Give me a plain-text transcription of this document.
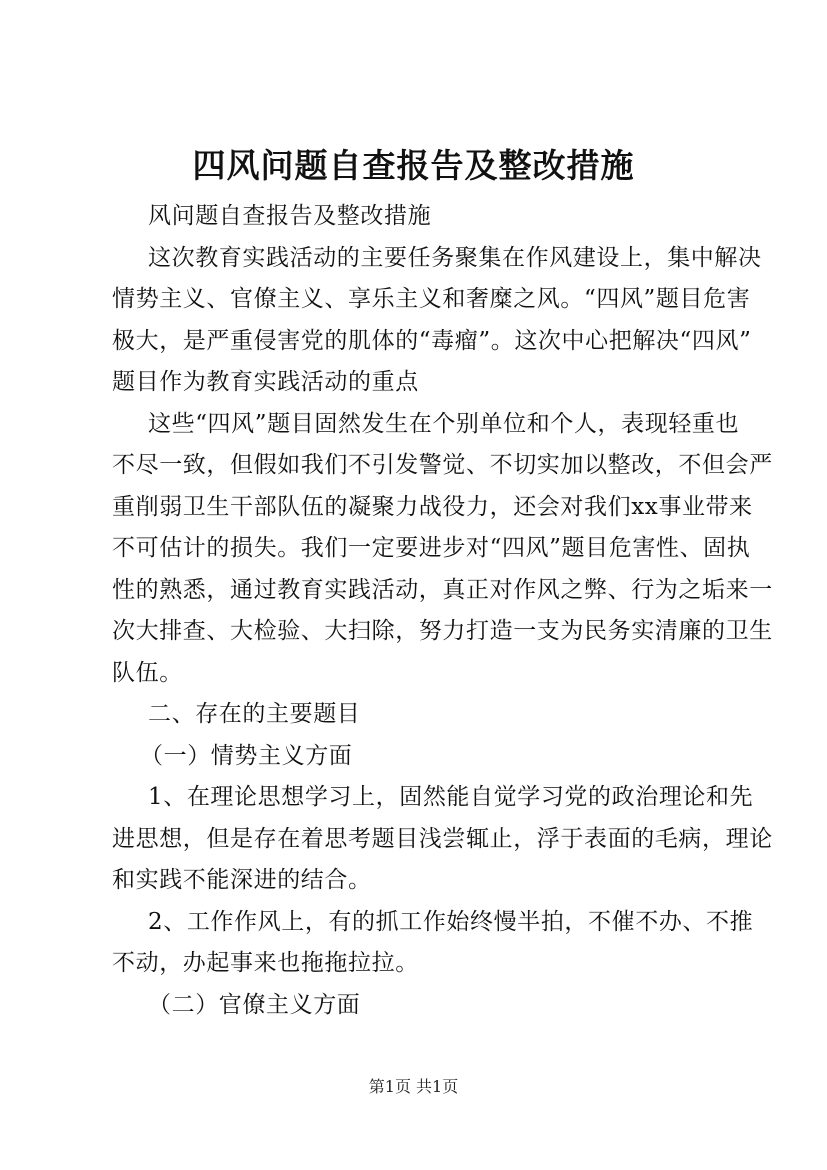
四风问题自查报告及整改措施
风问题自查报告及整改措施
这次教育实践活动的主要任务聚集在作风建设上，集中解决
情势主义、官僚主义、享乐主义和奢糜之风。“四风”题目危害
极大，是严重侵害党的肌体的“毒瘤”。这次中心把解决“四风”
题目作为教育实践活动的重点
这些“四风”题目固然发生在个别单位和个人，表现轻重也
不尽一致，但假如我们不引发警觉、不切实加以整改，不但会严
重削弱卫生干部队伍的凝聚力战役力，还会对我们xx事业带来
不可估计的损失。我们一定要进步对“四风”题目危害性、固执
性的熟悉，通过教育实践活动，真正对作风之弊、行为之垢来一
次大排查、大检验、大扫除，努力打造一支为民务实清廉的卫生
队伍。
二、存在的主要题目
（一）情势主义方面
1、在理论思想学习上，固然能自觉学习党的政治理论和先
进思想，但是存在着思考题目浅尝辄止，浮于表面的毛病，理论
和实践不能深进的结合。
2、工作作风上，有的抓工作始终慢半拍，不催不办、不推
不动，办起事来也拖拖拉拉。
（二）官僚主义方面
第1页 共1页
